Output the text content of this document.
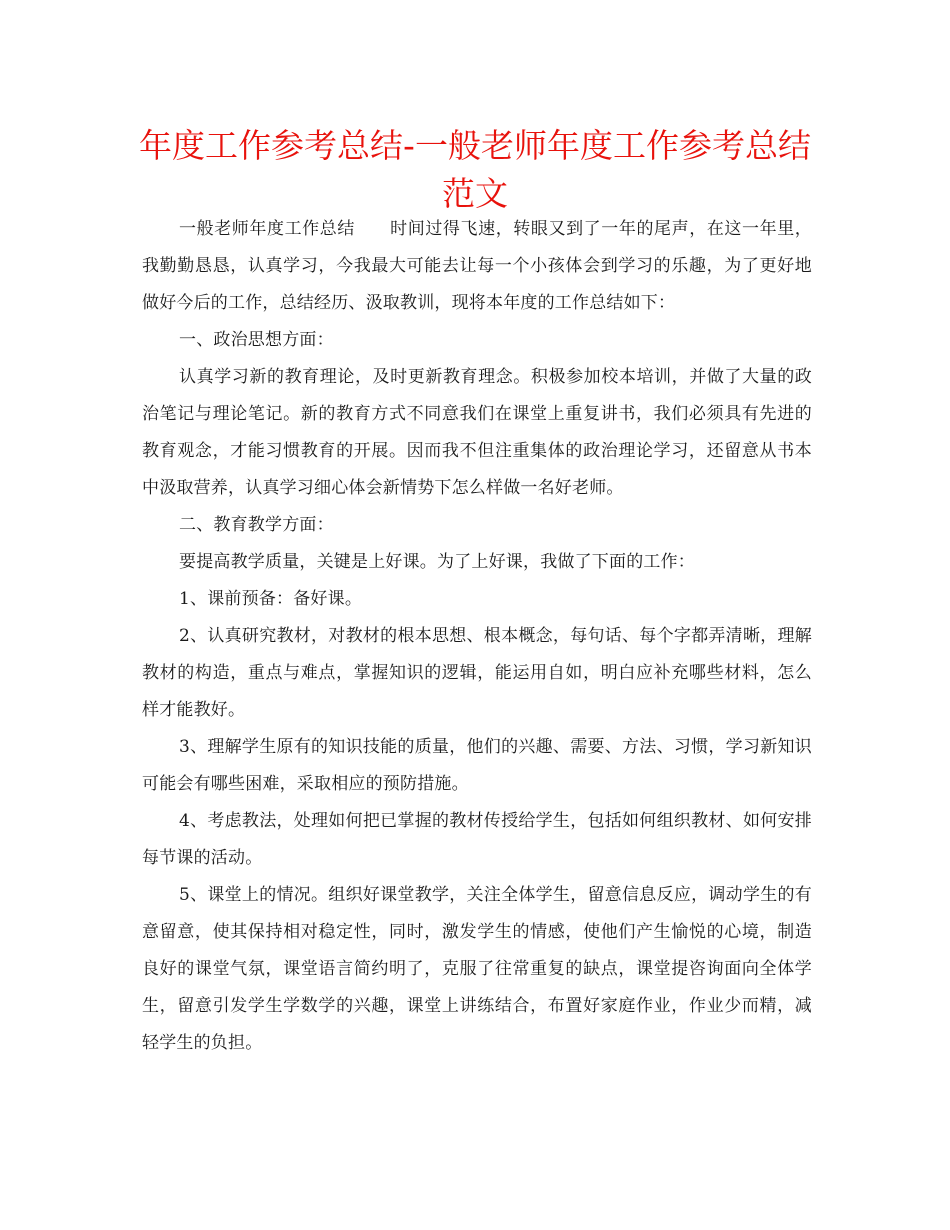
年度工作参考总结-一般老师年度工作参考总结范文

一般老师年度工作总结　　时间过得飞速，转眼又到了一年的尾声，在这一年里，我勤勤恳恳，认真学习，今我最大可能去让每一个小孩体会到学习的乐趣，为了更好地做好今后的工作，总结经历、汲取教训，现将本年度的工作总结如下：

一、政治思想方面：

认真学习新的教育理论，及时更新教育理念。积极参加校本培训，并做了大量的政治笔记与理论笔记。新的教育方式不同意我们在课堂上重复讲书，我们必须具有先进的教育观念，才能习惯教育的开展。因而我不但注重集体的政治理论学习，还留意从书本中汲取营养，认真学习细心体会新情势下怎么样做一名好老师。

二、教育教学方面：

要提高教学质量，关键是上好课。为了上好课，我做了下面的工作：

1、课前预备：备好课。

2、认真研究教材，对教材的根本思想、根本概念，每句话、每个字都弄清晰，理解教材的构造，重点与难点，掌握知识的逻辑，能运用自如，明白应补充哪些材料，怎么样才能教好。

3、理解学生原有的知识技能的质量，他们的兴趣、需要、方法、习惯，学习新知识可能会有哪些困难，采取相应的预防措施。

4、考虑教法，处理如何把已掌握的教材传授给学生，包括如何组织教材、如何安排每节课的活动。

5、课堂上的情况。组织好课堂教学，关注全体学生，留意信息反应，调动学生的有意留意，使其保持相对稳定性，同时，激发学生的情感，使他们产生愉悦的心境，制造良好的课堂气氛，课堂语言简约明了，克服了往常重复的缺点，课堂提咨询面向全体学生，留意引发学生学数学的兴趣，课堂上讲练结合，布置好家庭作业，作业少而精，减轻学生的负担。
